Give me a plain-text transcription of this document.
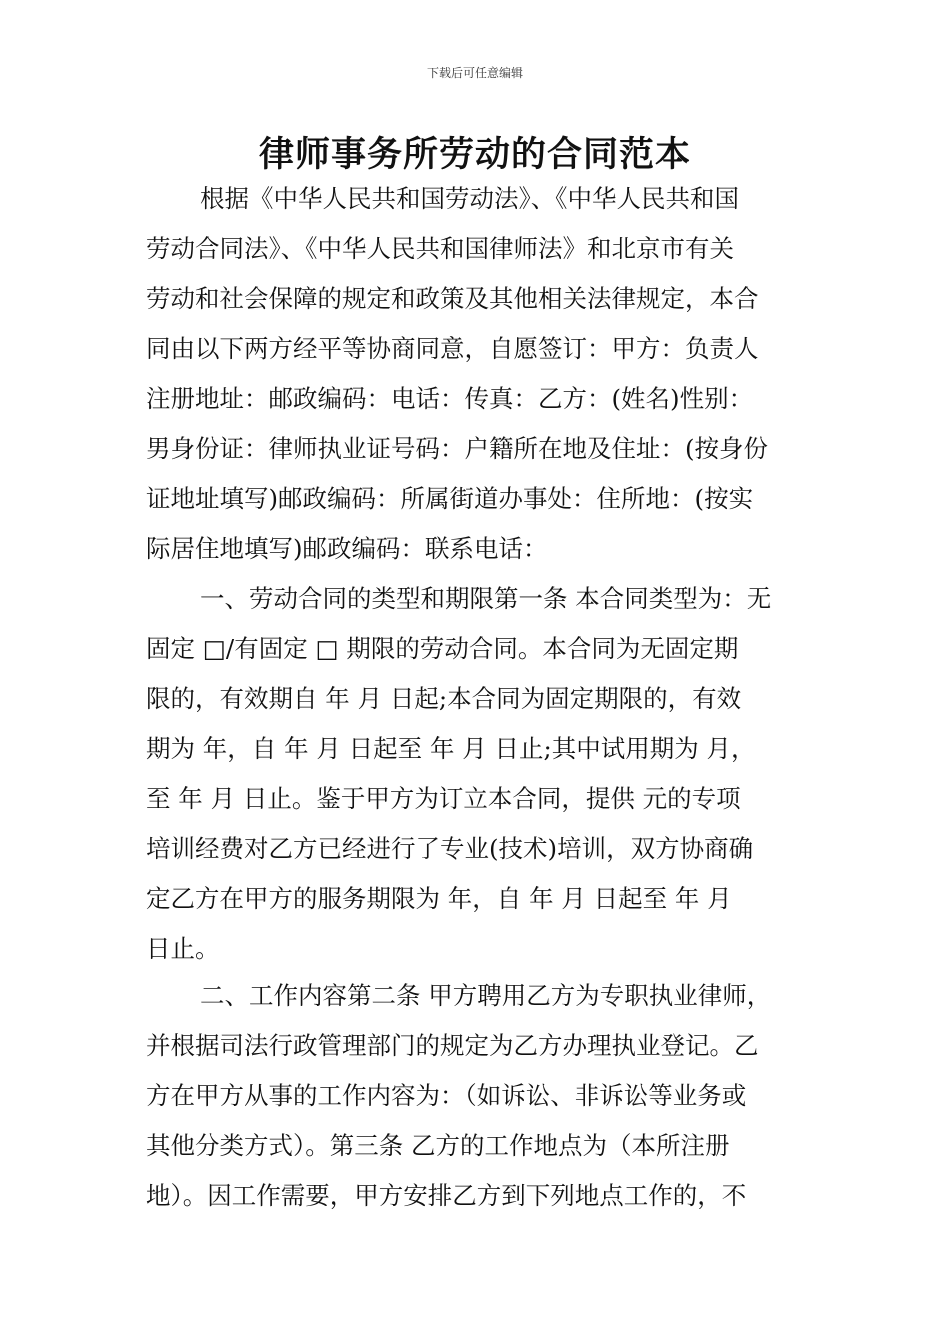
下载后可任意编辑
律师事务所劳动的合同范本
根据《中华人民共和国劳动法》、《中华人民共和国
劳动合同法》、《中华人民共和国律师法》和北京市有关
劳动和社会保障的规定和政策及其他相关法律规定，本合
同由以下两方经平等协商同意，自愿签订：甲方：负责人
注册地址：邮政编码：电话：传真：乙方：(姓名)性别：
男身份证：律师执业证号码：户籍所在地及住址：(按身份
证地址填写)邮政编码：所属街道办事处：住所地：(按实
际居住地填写)邮政编码：联系电话：
一、劳动合同的类型和期限第一条 本合同类型为：无
固定 □/有固定 □ 期限的劳动合同。本合同为无固定期
限的，有效期自 年 月 日起;本合同为固定期限的，有效
期为 年，自 年 月 日起至 年 月 日止;其中试用期为 月，
至 年 月 日止。鉴于甲方为订立本合同，提供 元的专项
培训经费对乙方已经进行了专业(技术)培训，双方协商确
定乙方在甲方的服务期限为 年，自 年 月 日起至 年 月
日止。
二、工作内容第二条 甲方聘用乙方为专职执业律师，
并根据司法行政管理部门的规定为乙方办理执业登记。乙
方在甲方从事的工作内容为：（如诉讼、非诉讼等业务或
其他分类方式）。第三条 乙方的工作地点为（本所注册
地）。因工作需要，甲方安排乙方到下列地点工作的，不
